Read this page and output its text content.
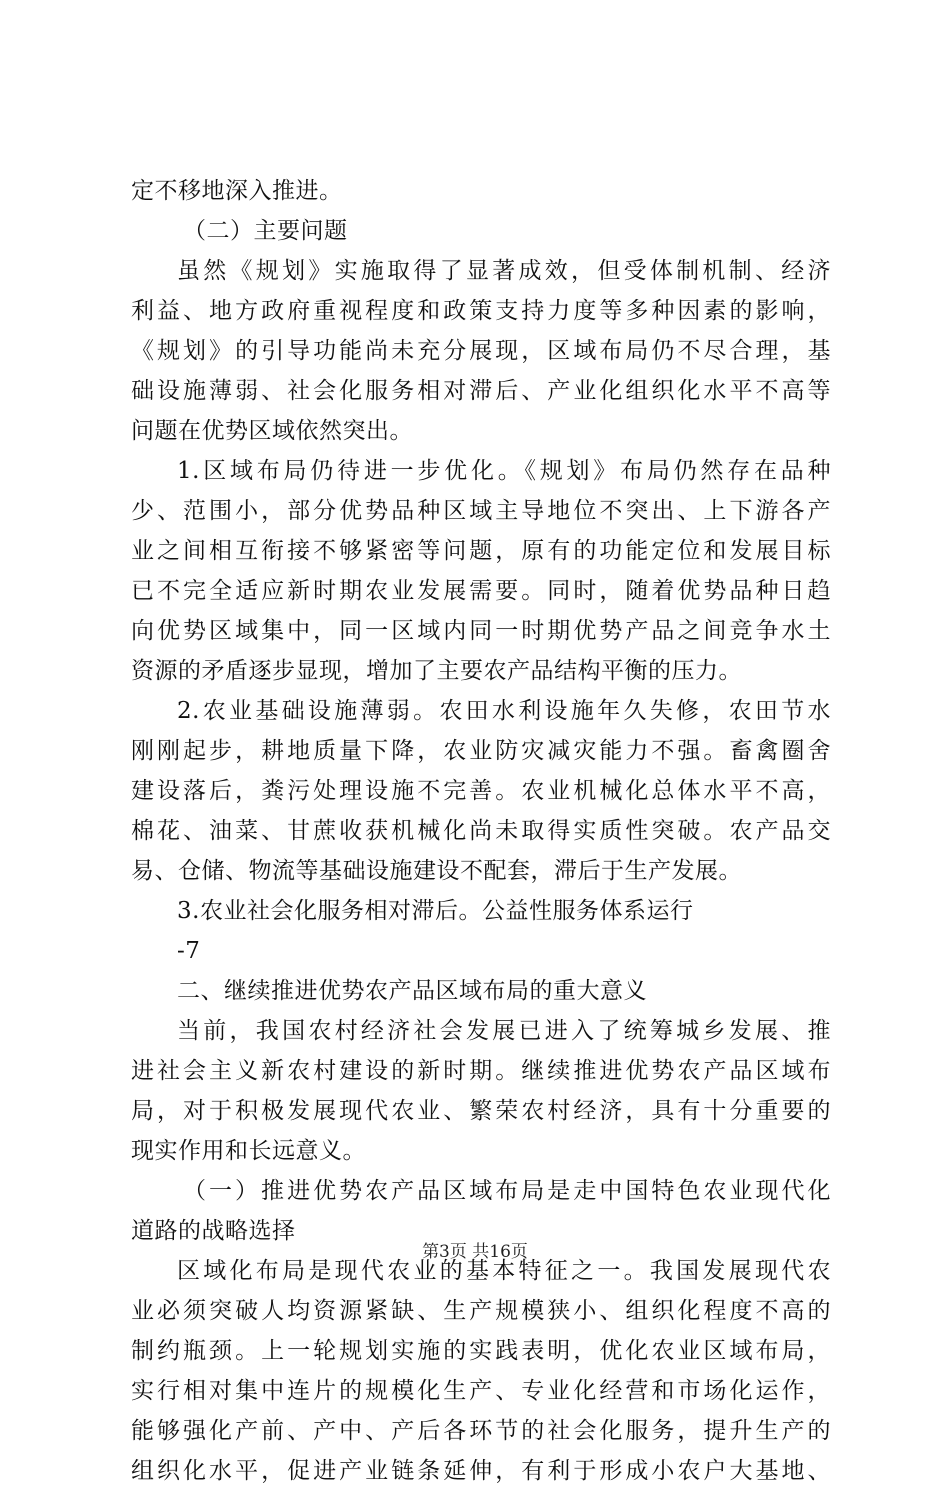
定不移地深入推进。
（二）主要问题
虽然《规划》实施取得了显著成效，但受体制机制、经济
利益、地方政府重视程度和政策支持力度等多种因素的影响，
《规划》的引导功能尚未充分展现，区域布局仍不尽合理，基
础设施薄弱、社会化服务相对滞后、产业化组织化水平不高等
问题在优势区域依然突出。
1.区域布局仍待进一步优化。《规划》布局仍然存在品种
少、范围小，部分优势品种区域主导地位不突出、上下游各产
业之间相互衔接不够紧密等问题，原有的功能定位和发展目标
已不完全适应新时期农业发展需要。同时，随着优势品种日趋
向优势区域集中，同一区域内同一时期优势产品之间竞争水土
资源的矛盾逐步显现，增加了主要农产品结构平衡的压力。
2.农业基础设施薄弱。农田水利设施年久失修，农田节水
刚刚起步，耕地质量下降，农业防灾减灾能力不强。畜禽圈舍
建设落后，粪污处理设施不完善。农业机械化总体水平不高，
棉花、油菜、甘蔗收获机械化尚未取得实质性突破。农产品交
易、仓储、物流等基础设施建设不配套，滞后于生产发展。
3.农业社会化服务相对滞后。公益性服务体系运行
-7
二、继续推进优势农产品区域布局的重大意义
当前，我国农村经济社会发展已进入了统筹城乡发展、推
进社会主义新农村建设的新时期。继续推进优势农产品区域布
局，对于积极发展现代农业、繁荣农村经济，具有十分重要的
现实作用和长远意义。
（一）推进优势农产品区域布局是走中国特色农业现代化
道路的战略选择
区域化布局是现代农业的基本特征之一。我国发展现代农
业必须突破人均资源紧缺、生产规模狭小、组织化程度不高的
制约瓶颈。上一轮规划实施的实践表明，优化农业区域布局，
实行相对集中连片的规模化生产、专业化经营和市场化运作，
能够强化产前、产中、产后各环节的社会化服务，提升生产的
组织化水平，促进产业链条延伸，有利于形成小农户大基地、
第3页 共16页
